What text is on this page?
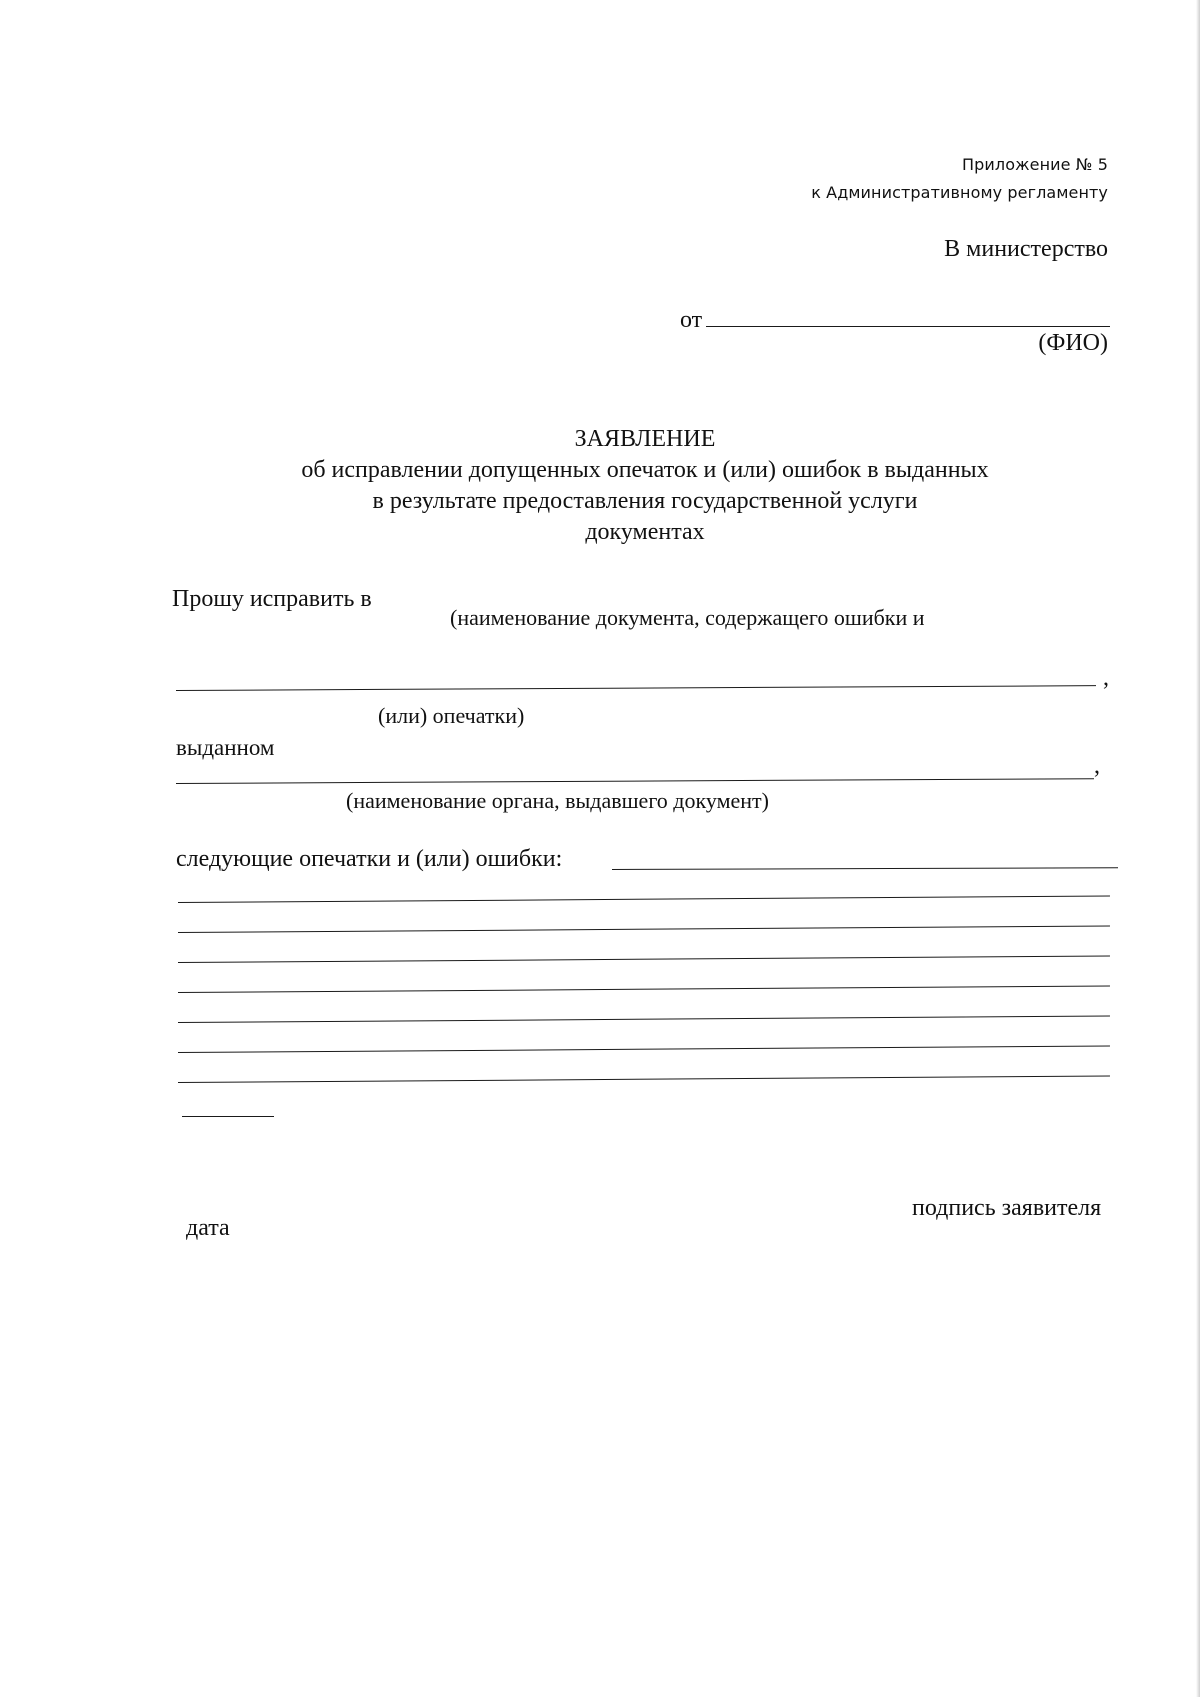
Приложение № 5
к Административному регламенту
В министерство
от
(ФИО)
ЗАЯВЛЕНИЕ
об исправлении допущенных опечаток и (или) ошибок в выданных
в результате предоставления государственной услуги
документах
Прошу исправить в
(наименование документа, содержащего ошибки и
,
(или) опечатки)
выданном
,
(наименование органа, выдавшего документ)
следующие опечатки и (или) ошибки:
подпись заявителя
дата
